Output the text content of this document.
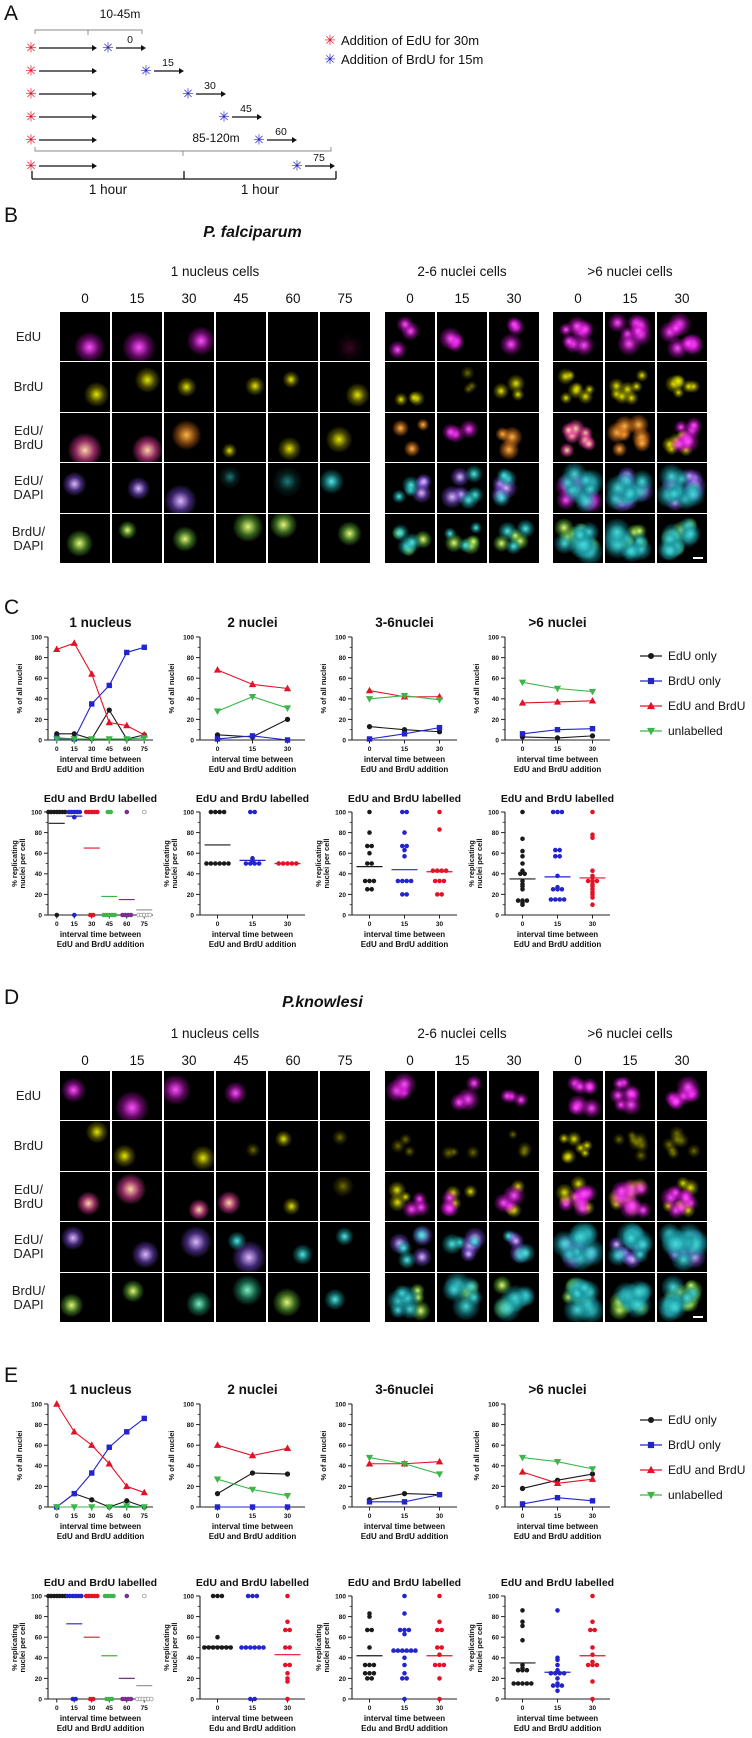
A	10-45m
85-120m
✳	✳ 0
✳	✳ 15
✳	✳ 30
✳	✳ 45
✳	✳ 60
✳	✳ 75
✳ Addition of EdU for 30m
✳ Addition of BrdU for 15m
1 hour	1 hour
B
P. falciparum
1 nucleus cells
0	15	30	45	60	75
2-6 nuclei cells
0	15	30
>6 nuclei cells
0	15	30
EdU
BrdU
EdU/
BrdU
EdU/
DAPI
BrdU/
DAPI
C
1 nucleus
0
20
40
60
80
100
% of all nuclei
interval time between
EdU and BrdU addition
0 15 30 45 60 75
EdU and BrdU labelled
0
20
40
60
80
100
% replicating nuclei per cell
interval time between
EdU and BrdU addition
0 15 30 45 60 75
2 nuclei
0
20
40
60
80
100
% of all nuclei
interval time between
EdU and BrdU addition
0	15	30
EdU and BrdU labelled
0
20
40
60
80
100
% replicating nuclei per cell
interval time between
EdU and BrdU addition
0	15	30
3-6nuclei
0
20
40
60
80
100
% of all nuclei
interval time between
EdU and BrdU addition
0	15	30
EdU and BrdU labelled
0
20
40
60
80
100
% replicating nuclei per cell
interval time between
EdU and BrdU addition
0	15	30
>6 nuclei
0
20
40
60
80
100
% of all nuclei
interval time between
EdU and BrdU addition
0	15	30
EdU and BrdU labelled
0
20
40
60
80
100
% replicating nuclei per cell
interval time between
EdU and BrdU addition
0	15	30
EdU only
BrdU only
EdU and BrdU
unlabelled
D	P.knowlesi
1 nucleus cells
0	15	30	45	60	75
2-6 nuclei cells
0	15	30
>6 nuclei cells
0	15	30
EdU
BrdU
EdU/
BrdU
EdU/
DAPI
BrdU/
DAPI
E
1 nucleus
0
20
40
60
80
100
% of all nuclei
interval time between
EdU and BrdU addition
0 15 30 45 60 75
EdU and BrdU labelled
0
20
40
60
80
100
% replicating nuclei per cell
interval time between
EdU and BrdU addition
0 15 30 45 60 75
2 nuclei
0
20
40
60
80
100
% of all nuclei
interval time between
EdU and BrdU addition
0	15	30
EdU and BrdU labelled
0
20
40
60
80
100
% replicating nuclei per cell
interval time between
Edu and BrdU addition
0	15	30
3-6nuclei
0
20
40
60
80
100
% of all nuclei
interval time between
EdU and BrdU addition
0	15	30
EdU and BrdU labelled
0
20
40
60
80
100
% replicating nuclei per cell
interval time between
Edu and BrdU addition
0	15	30
>6 nuclei
0
20
40
60
80
100
% of all nuclei
interval time between
EdU and BrdU addition
0	15	30
EdU and BrdU labelled
0
20
40
60
80
100
% replicating nuclei per cell
interval time between
EdU and BrdU addition
0	15	30
EdU only
BrdU only
EdU and BrdU
unlabelled
